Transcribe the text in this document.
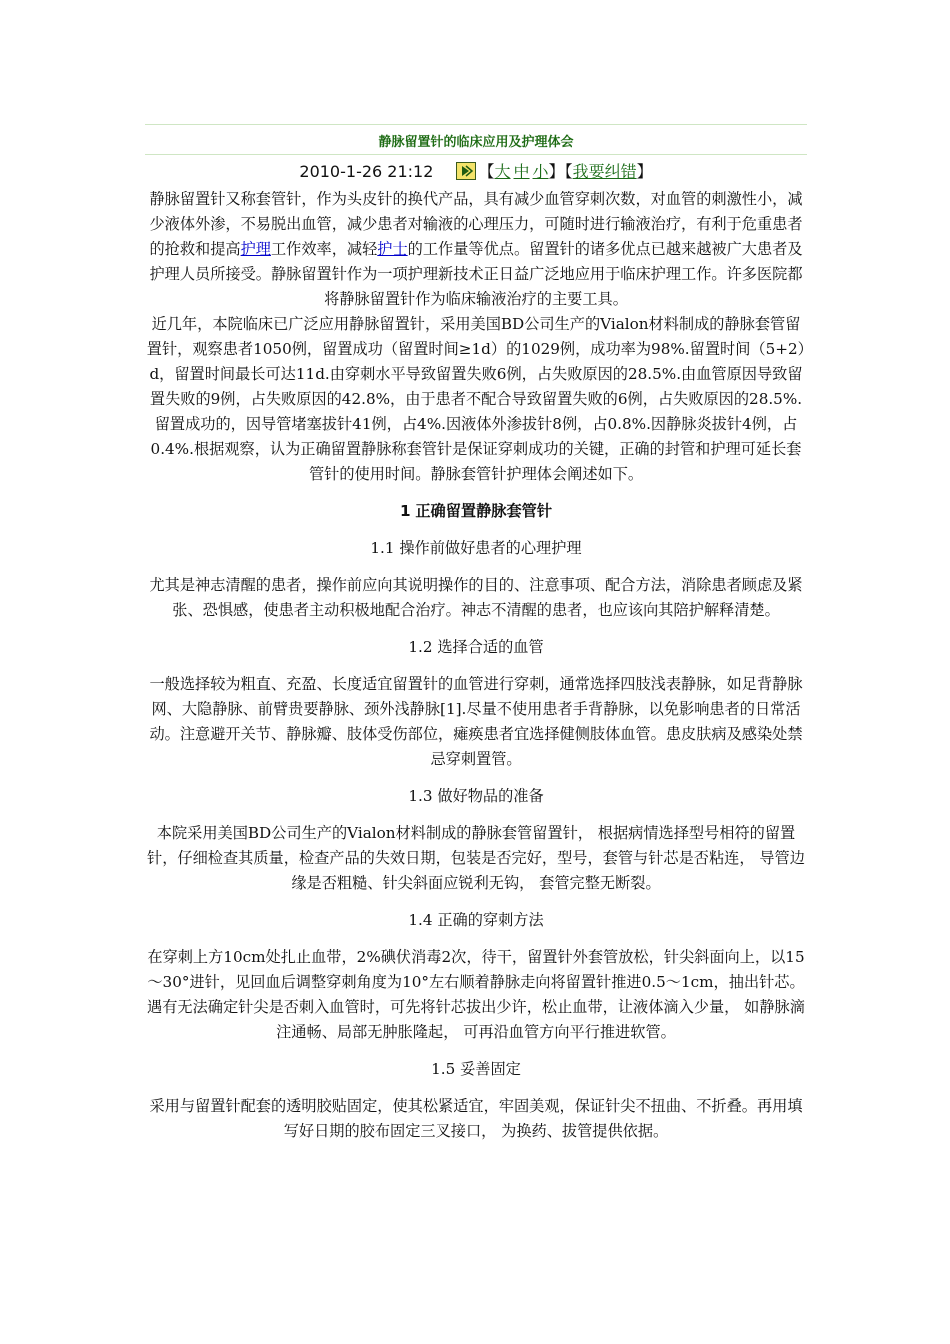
静脉留置针的临床应用及护理体会
2010-1-26 21:12	【大 中 小】【我要纠错】

静脉留置针又称套管针，作为头皮针的换代产品，具有减少血管穿刺次数，对血管的刺激性小，减少液体外渗，不易脱出血管，减少患者对输液的心理压力，可随时进行输液治疗，有利于危重患者的抢救和提高护理工作效率，减轻护士的工作量等优点。留置针的诸多优点已越来越被广大患者及护理人员所接受。静脉留置针作为一项护理新技术正日益广泛地应用于临床护理工作。许多医院都将静脉留置针作为临床输液治疗的主要工具。

近几年，本院临床已广泛应用静脉留置针，采用美国BD公司生产的Vialon材料制成的静脉套管留置针，观察患者1050例，留置成功（留置时间≥1d）的1029例，成功率为98%.留置时间（5+2）d，留置时间最长可达11d.由穿刺水平导致留置失败6例，占失败原因的28.5%.由血管原因导致留置失败的9例，占失败原因的42.8%，由于患者不配合导致留置失败的6例，占失败原因的28.5%.留置成功的，因导管堵塞拔针41例，占4%.因液体外渗拔针8例，占0.8%.因静脉炎拔针4例，占0.4%.根据观察，认为正确留置静脉称套管针是保证穿刺成功的关键，正确的封管和护理可延长套管针的使用时间。静脉套管针护理体会阐述如下。

1 正确留置静脉套管针
1.1 操作前做好患者的心理护理

尤其是神志清醒的患者，操作前应向其说明操作的目的、注意事项、配合方法，消除患者顾虑及紧张、恐惧感，使患者主动积极地配合治疗。神志不清醒的患者，也应该向其陪护解释清楚。

1.2 选择合适的血管

一般选择较为粗直、充盈、长度适宜留置针的血管进行穿刺，通常选择四肢浅表静脉，如足背静脉网、大隐静脉、前臂贵要静脉、颈外浅静脉[1].尽量不使用患者手背静脉，以免影响患者的日常活动。注意避开关节、静脉瓣、肢体受伤部位，瘫痪患者宜选择健侧肢体血管。患皮肤病及感染处禁忌穿刺置管。

1.3 做好物品的准备

本院采用美国BD公司生产的Vialon材料制成的静脉套管留置针， 根据病情选择型号相符的留置针，仔细检查其质量，检查产品的失效日期，包装是否完好，型号，套管与针芯是否粘连， 导管边缘是否粗糙、针尖斜面应锐利无钩， 套管完整无断裂。

1.4 正确的穿刺方法

在穿刺上方10cm处扎止血带，2%碘伏消毒2次，待干，留置针外套管放松，针尖斜面向上，以15～30°进针，见回血后调整穿刺角度为10°左右顺着静脉走向将留置针推进0.5～1cm，抽出针芯。遇有无法确定针尖是否刺入血管时，可先将针芯拔出少许，松止血带，让液体滴入少量， 如静脉滴注通畅、局部无肿胀隆起， 可再沿血管方向平行推进软管。

1.5 妥善固定

采用与留置针配套的透明胶贴固定，使其松紧适宜，牢固美观，保证针尖不扭曲、不折叠。再用填写好日期的胶布固定三叉接口， 为换药、拔管提供依据。
